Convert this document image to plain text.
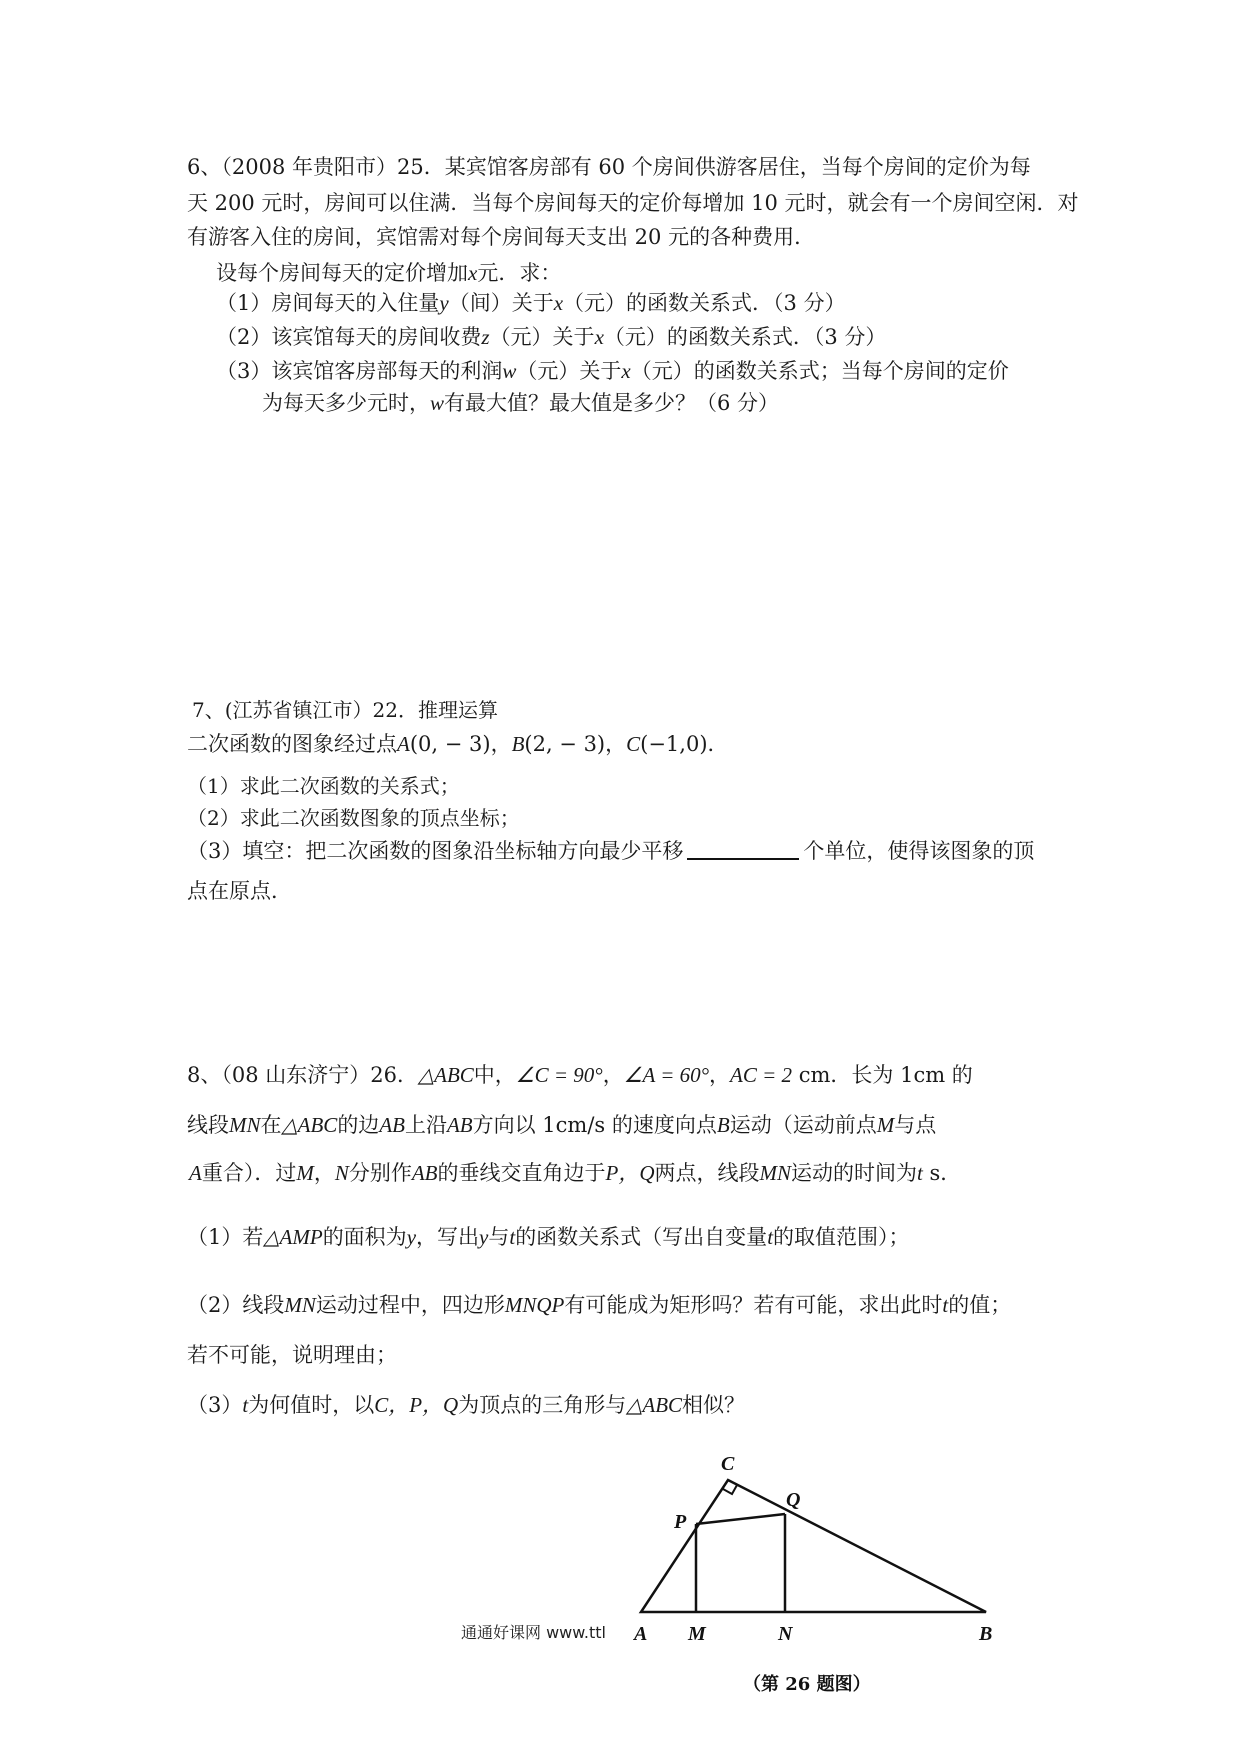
6、（2008 年贵阳市）25．某宾馆客房部有 60 个房间供游客居住，当每个房间的定价为每
天 200 元时，房间可以住满．当每个房间每天的定价每增加 10 元时，就会有一个房间空闲．对
有游客入住的房间，宾馆需对每个房间每天支出 20 元的各种费用．
设每个房间每天的定价增加x元．求：
（1）房间每天的入住量y（间）关于x（元）的函数关系式．（3 分）
（2）该宾馆每天的房间收费z（元）关于x（元）的函数关系式．（3 分）
（3）该宾馆客房部每天的利润w（元）关于x（元）的函数关系式；当每个房间的定价
为每天多少元时，w有最大值？最大值是多少？（6 分）
7、(江苏省镇江市）22．推理运算
二次函数的图象经过点A(0, − 3)，B(2, − 3)，C(−1,0)．
（1）求此二次函数的关系式；
（2）求此二次函数图象的顶点坐标；
（3）填空：把二次函数的图象沿坐标轴方向最少平移	个单位，使得该图象的顶
点在原点．
8、（08 山东济宁）26．△ABC中，∠C = 90°，∠A = 60°，AC = 2 cm．长为 1cm 的
线段MN在△ABC的边AB上沿AB方向以 1cm/s 的速度向点B运动（运动前点M与点
A重合）．过M，N分别作AB的垂线交直角边于P，Q两点，线段MN运动的时间为t s．
（1）若△AMP的面积为y，写出y与t的函数关系式（写出自变量t的取值范围）；
（2）线段MN运动过程中，四边形MNQP有可能成为矩形吗？若有可能，求出此时t的值；
若不可能，说明理由；
（3）t为何值时，以C，P，Q为顶点的三角形与△ABC相似？
C
Q
P
A M	N	B
通通好课网 www.ttl
（第 26 题图）
